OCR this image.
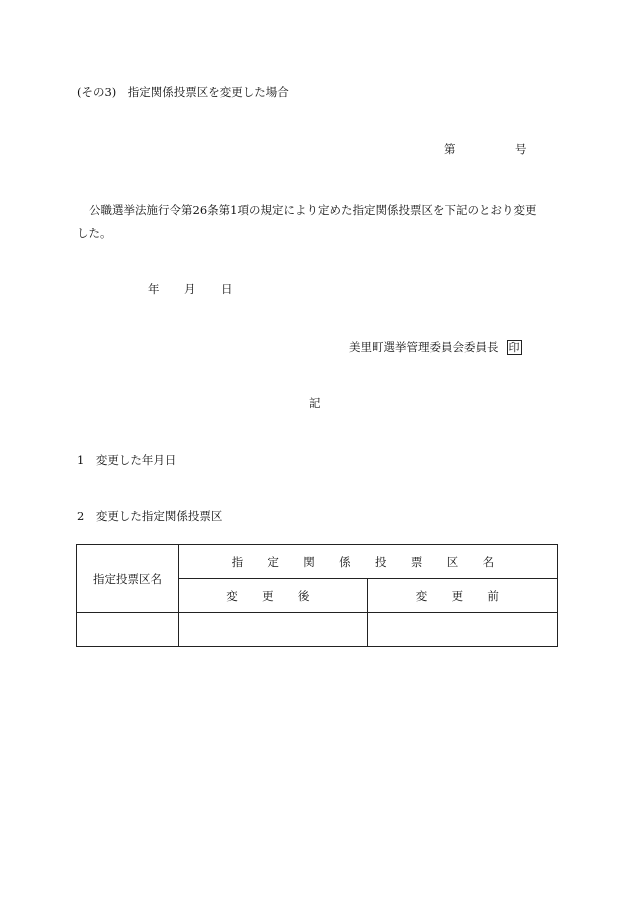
(その3)　指定関係投票区を変更した場合
第	号
公職選挙法施行令第26条第1項の規定により定めた指定関係投票区を下記のとおり変更
した。
年 月 日
美里町選挙管理委員会委員長 印
記
1　変更した年月日
2　変更した指定関係投票区
指定投票区名	指 定 関 係 投 票 区 名	
	変 更 後	変 更 前
